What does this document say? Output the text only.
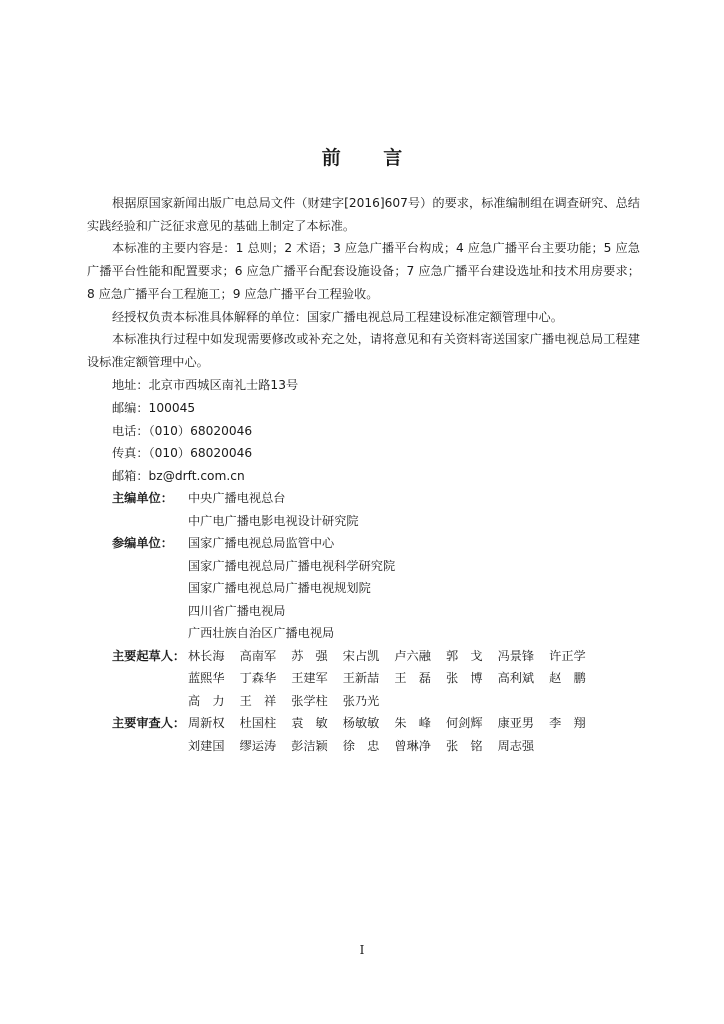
前 言

根据原国家新闻出版广电总局文件（财建字[2016]607号）的要求，标准编制组在调查研究、总结实践经验和广泛征求意见的基础上制定了本标准。

本标准的主要内容是：1 总则；2 术语；3 应急广播平台构成；4 应急广播平台主要功能；5 应急广播平台性能和配置要求；6 应急广播平台配套设施设备；7 应急广播平台建设选址和技术用房要求；8 应急广播平台工程施工；9 应急广播平台工程验收。

经授权负责本标准具体解释的单位：国家广播电视总局工程建设标准定额管理中心。

本标准执行过程中如发现需要修改或补充之处，请将意见和有关资料寄送国家广播电视总局工程建设标准定额管理中心。

地址：北京市西城区南礼士路13号
邮编：100045
电话：（010）68020046
传真：（010）68020046
邮箱：bz@drft.com.cn
主编单位：	中央广播电视总台
中广电广播电影电视设计研究院
参编单位：	国家广播电视总局监管中心
国家广播电视总局广播电视科学研究院
国家广播电视总局广播电视规划院
四川省广播电视局
广西壮族自治区广播电视局
主要起草人： 林长海	高南军	苏　强	宋占凯	卢六融	郭　戈	冯景锋	许正学
蓝熙华	丁森华	王建军	王新喆	王　磊	张　博	高利斌	赵　鹏
高　力	王　祥	张学柱	张乃光
主要审查人： 周新权	杜国柱	袁　敏	杨敏敏	朱　峰	何剑辉	康亚男	李　翔
刘建国	缪运涛	彭洁颖	徐　忠	曾琳净	张　铭	周志强
I
